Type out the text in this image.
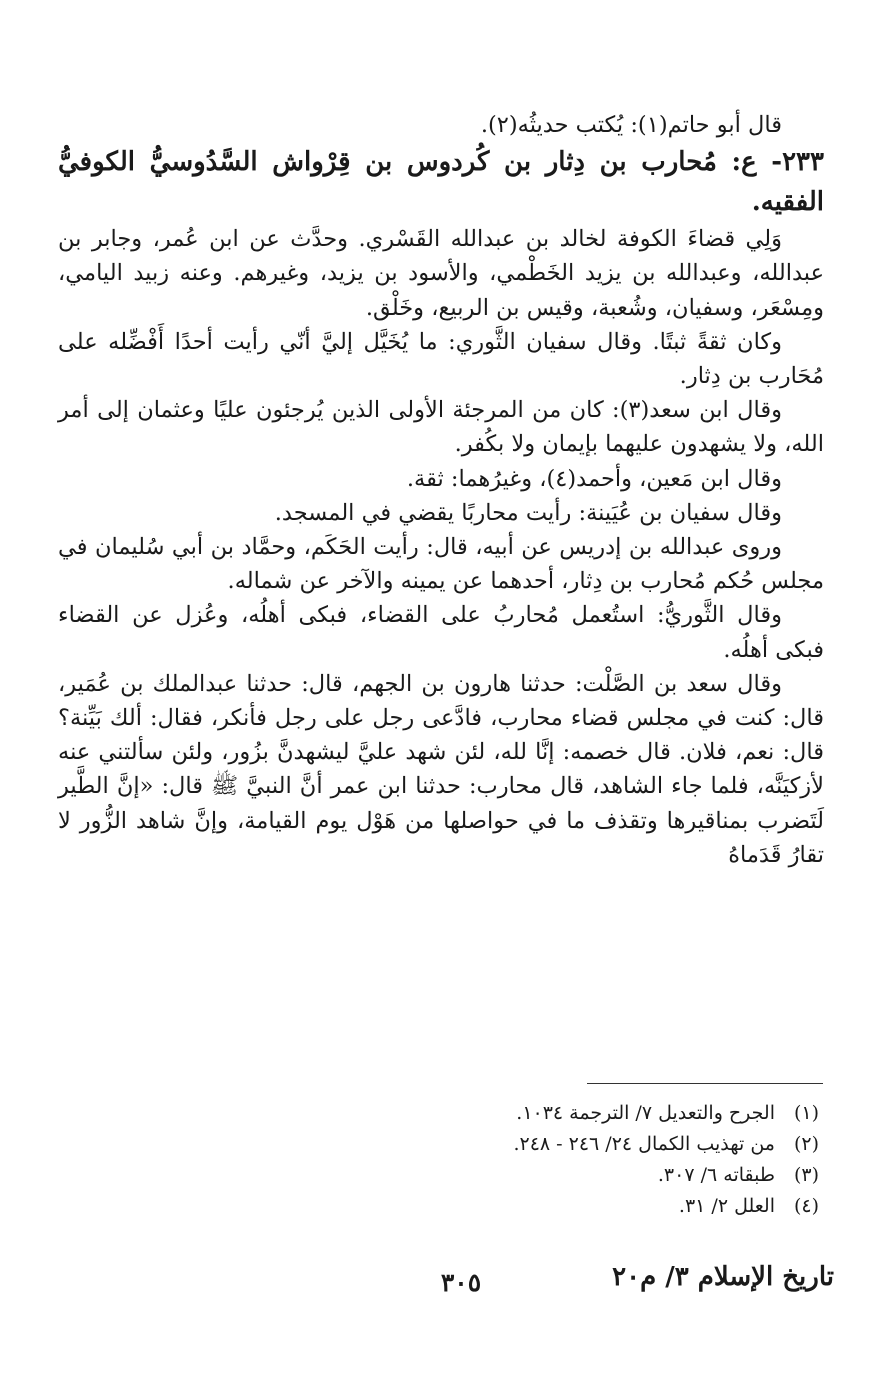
قال أبو حاتم(١): يُكتب حديثُه(٢).

٢٣٣- ع: مُحارب بن دِثار بن كُردوس بن قِرْواش السَّدُوسيُّ الكوفيُّ الفقيه.

وَلِي قضاءَ الكوفة لخالد بن عبدالله القَسْري. وحدَّث عن ابن عُمر، وجابر بن عبدالله، وعبدالله بن يزيد الخَطْمي، والأسود بن يزيد، وغيرهم. وعنه زبيد اليامي، ومِسْعَر، وسفيان، وشُعبة، وقيس بن الربيع، وخَلْق.

وكان ثقةً ثبتًا. وقال سفيان الثَّوري: ما يُخَيَّل إليَّ أنّي رأيت أحدًا أَفْضِّله على مُحَارب بن دِثار.

وقال ابن سعد(٣): كان من المرجئة الأولى الذين يُرجئون عليًا وعثمان إلى أمر الله، ولا يشهدون عليهما بإيمان ولا بكُفر.

وقال ابن مَعين، وأحمد(٤)، وغيرُهما: ثقة.

وقال سفيان بن عُيَينة: رأيت محاربًا يقضي في المسجد.

وروى عبدالله بن إدريس عن أبيه، قال: رأيت الحَكَم، وحمَّاد بن أبي سُليمان في مجلس حُكم مُحارب بن دِثار، أحدهما عن يمينه والآخر عن شماله.

وقال الثَّوريُّ: استُعمل مُحاربُ على القضاء، فبكى أهلُه، وعُزل عن القضاء فبكى أهلُه.

وقال سعد بن الصَّلْت: حدثنا هارون بن الجهم، قال: حدثنا عبدالملك بن عُمَير، قال: كنت في مجلس قضاء محارب، فادَّعى رجل على رجل فأنكر، فقال: ألك بَيِّنة؟ قال: نعم، فلان. قال خصمه: إنَّا لله، لئن شهد عليَّ ليشهدنَّ بزُور، ولئن سألتني عنه لأزكيَنَّه، فلما جاء الشاهد، قال محارب: حدثنا ابن عمر أنَّ النبيَّ ﷺ قال: «إنَّ الطَّير لَتَضرب بمناقيرها وتقذف ما في حواصلها من هَوْل يوم القيامة، وإنَّ شاهد الزُّور لا تقارُ قَدَماهُ

(١)
الجرح والتعديل ٧/ الترجمة ١٠٣٤.
(٢)
من تهذيب الكمال ٢٤/ ٢٤٦ - ٢٤٨.
(٣)
طبقاته ٦/ ٣٠٧.
(٤)
العلل ٢/ ٣١.
تاريخ الإسلام ٣/ م٢٠
٣٠٥
